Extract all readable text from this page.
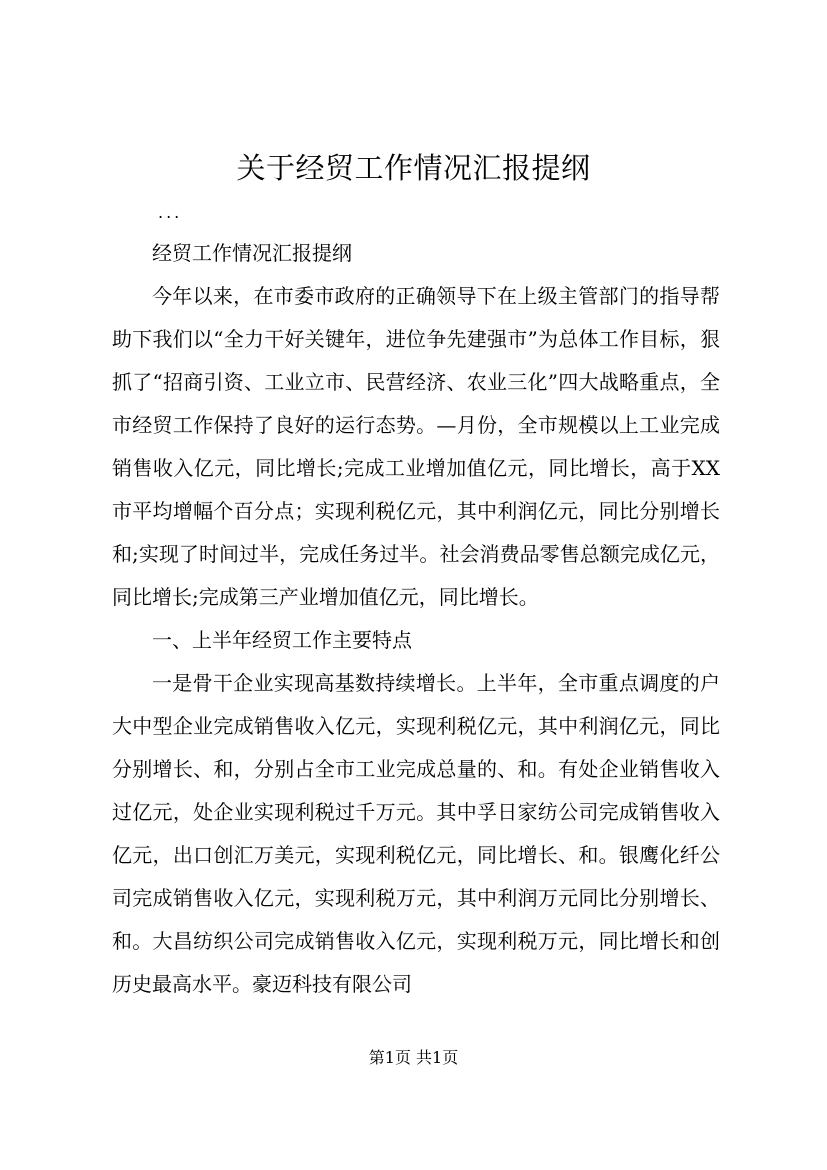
关于经贸工作情况汇报提纲
...

经贸工作情况汇报提纲

今年以来，在市委市政府的正确领导下在上级主管部门的指导帮助下我们以“全力干好关键年，进位争先建强市”为总体工作目标，狠抓了“招商引资、工业立市、民营经济、农业三化”四大战略重点，全市经贸工作保持了良好的运行态势。—月份，全市规模以上工业完成销售收入亿元，同比增长;完成工业增加值亿元，同比增长，高于XX市平均增幅个百分点；实现利税亿元，其中利润亿元，同比分别增长和;实现了时间过半，完成任务过半。社会消费品零售总额完成亿元，同比增长;完成第三产业增加值亿元，同比增长。

一、上半年经贸工作主要特点

一是骨干企业实现高基数持续增长。上半年，全市重点调度的户大中型企业完成销售收入亿元，实现利税亿元，其中利润亿元，同比分别增长、和，分别占全市工业完成总量的、和。有处企业销售收入过亿元，处企业实现利税过千万元。其中孚日家纺公司完成销售收入亿元，出口创汇万美元，实现利税亿元，同比增长、和。银鹰化纤公司完成销售收入亿元，实现利税万元，其中利润万元同比分别增长、和。大昌纺织公司完成销售收入亿元，实现利税万元，同比增长和创历史最高水平。豪迈科技有限公司

第1页 共1页
